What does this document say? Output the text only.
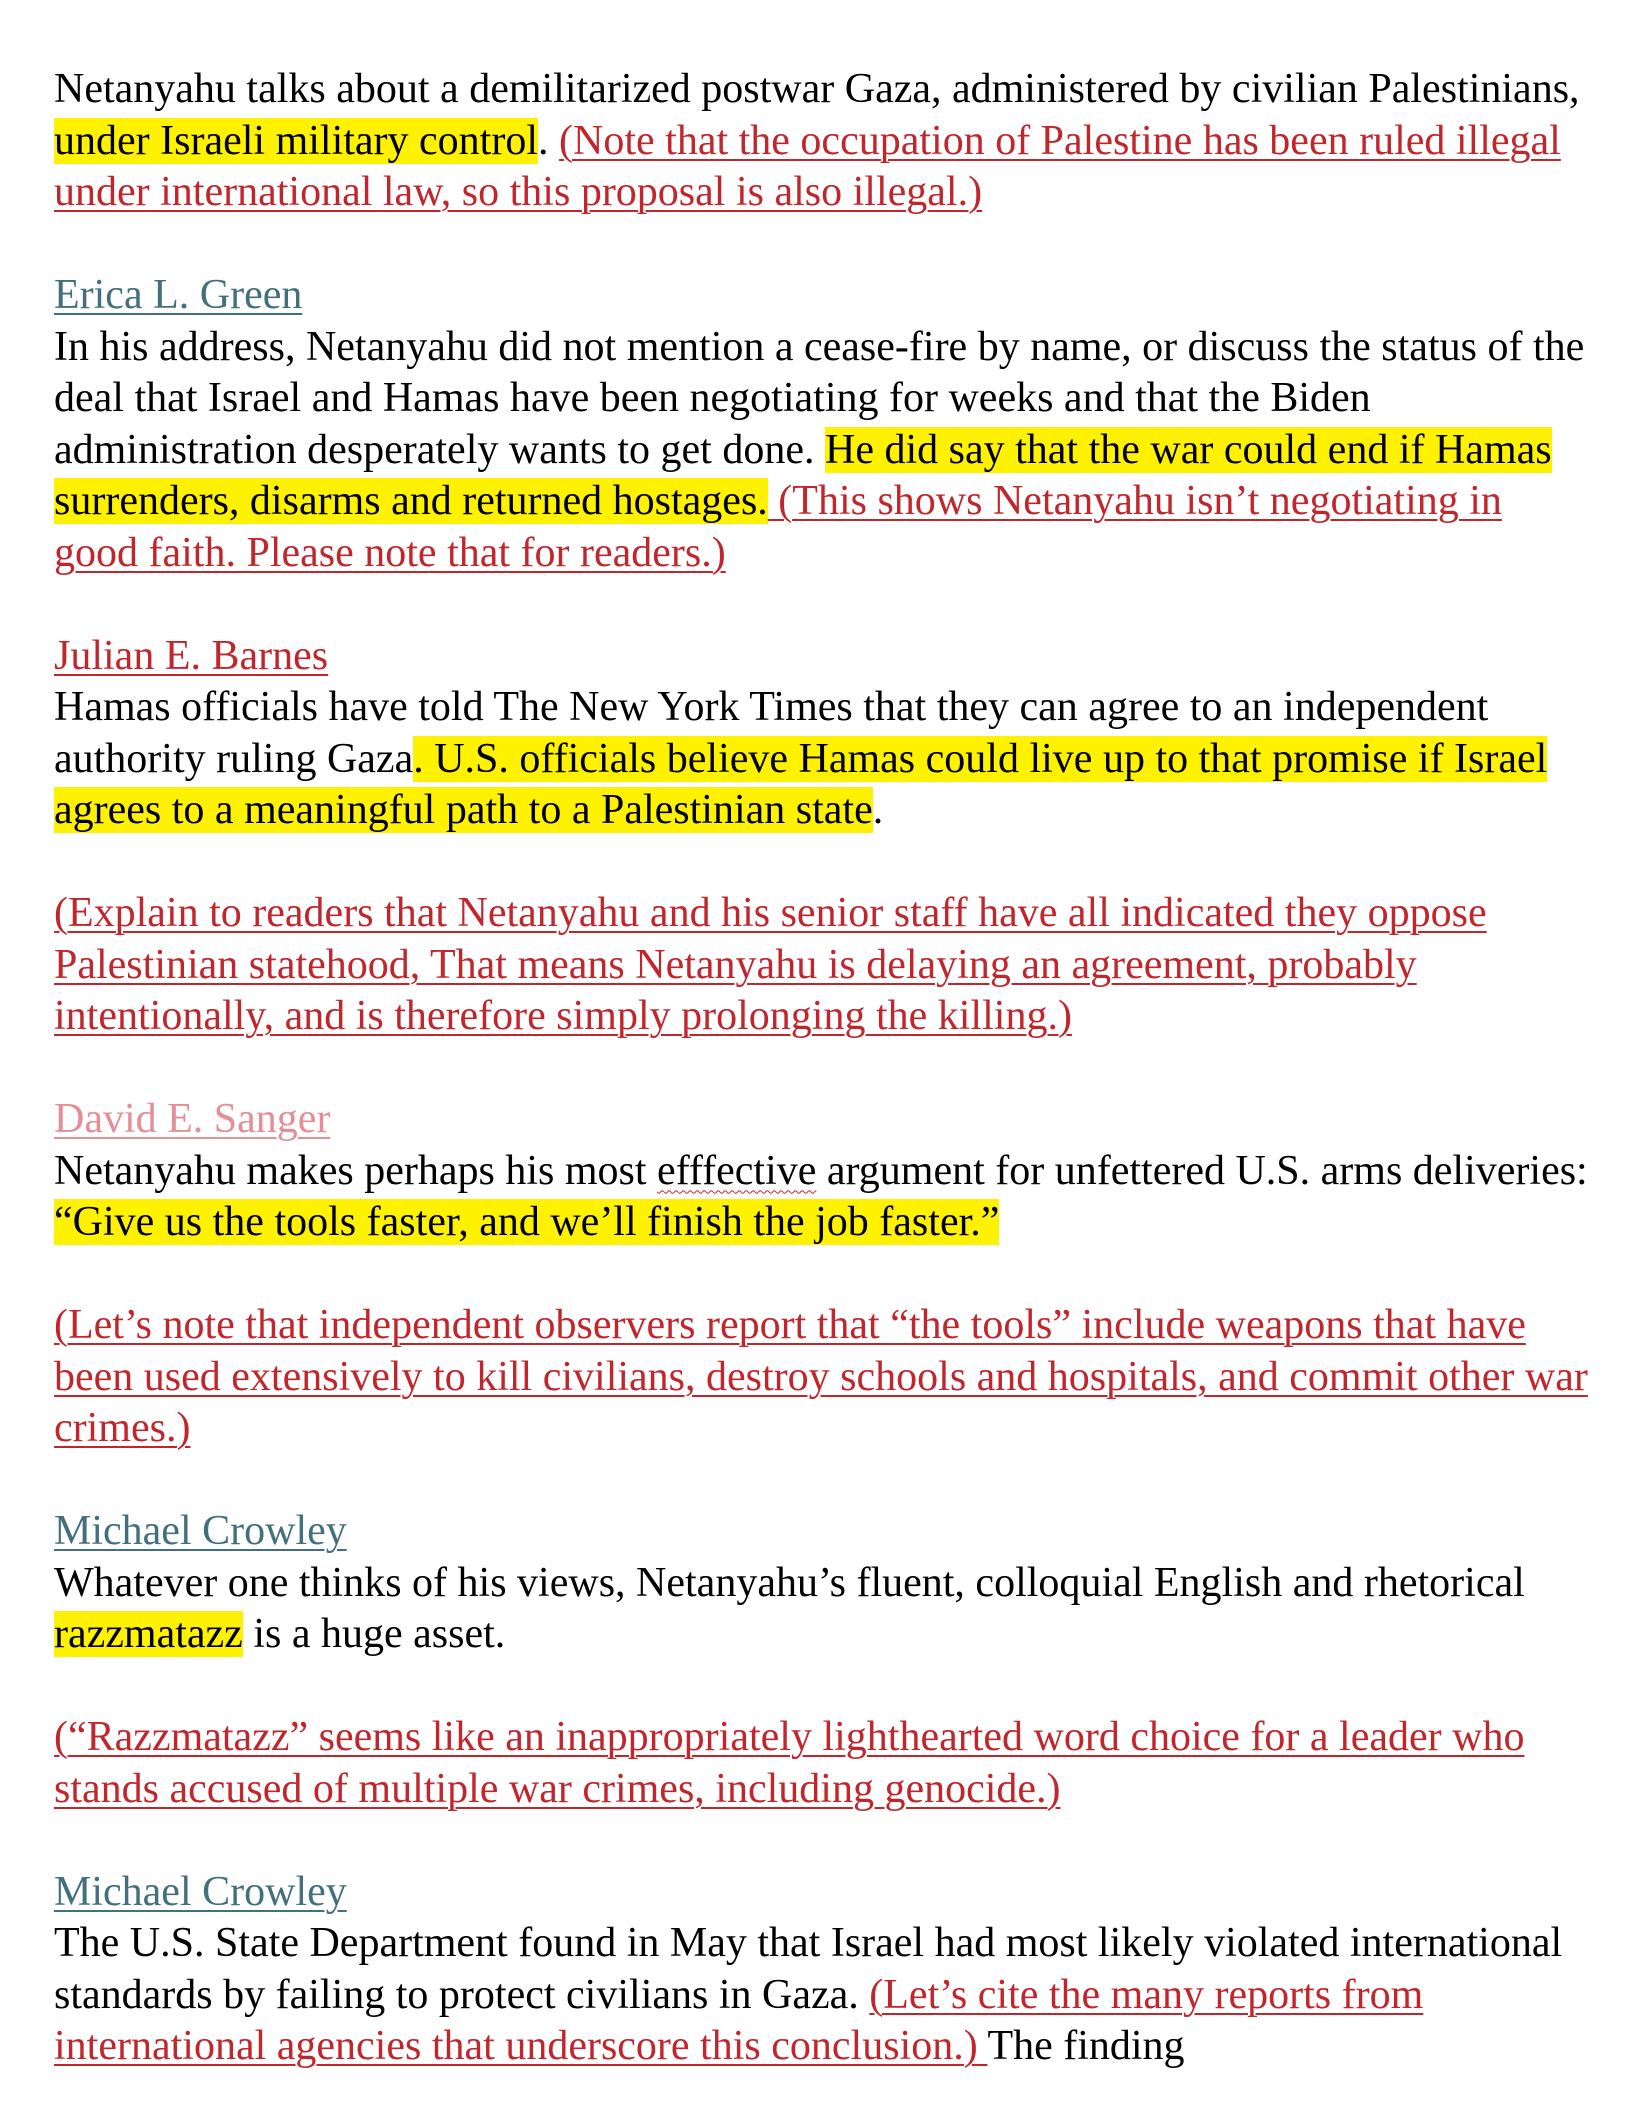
Netanyahu talks about a demilitarized postwar Gaza, administered by civilian Palestinians, under Israeli military control. (Note that the occupation of Palestine has been ruled illegal under international law, so this proposal is also illegal.)

Erica L. Green

In his address, Netanyahu did not mention a cease-fire by name, or discuss the status of the deal that Israel and Hamas have been negotiating for weeks and that the Biden administration desperately wants to get done. He did say that the war could end if Hamas surrenders, disarms and returned hostages. (This shows Netanyahu isn’t negotiating in good faith. Please note that for readers.)

Julian E. Barnes

Hamas officials have told The New York Times that they can agree to an independent authority ruling Gaza. U.S. officials believe Hamas could live up to that promise if Israel agrees to a meaningful path to a Palestinian state.

(Explain to readers that Netanyahu and his senior staff have all indicated they oppose Palestinian statehood, That means Netanyahu is delaying an agreement, probably intentionally, and is therefore simply prolonging the killing.)

David E. Sanger

Netanyahu makes perhaps his most efffective argument for unfettered U.S. arms deliveries: “Give us the tools faster, and we’ll finish the job faster.”

(Let’s note that independent observers report that “the tools” include weapons that have been used extensively to kill civilians, destroy schools and hospitals, and commit other war crimes.)

Michael Crowley

Whatever one thinks of his views, Netanyahu’s fluent, colloquial English and rhetorical razzmatazz is a huge asset.

(“Razzmatazz” seems like an inappropriately lighthearted word choice for a leader who stands accused of multiple war crimes, including genocide.)

Michael Crowley

The U.S. State Department found in May that Israel had most likely violated international standards by failing to protect civilians in Gaza. (Let’s cite the many reports from international agencies that underscore this conclusion.) The finding
